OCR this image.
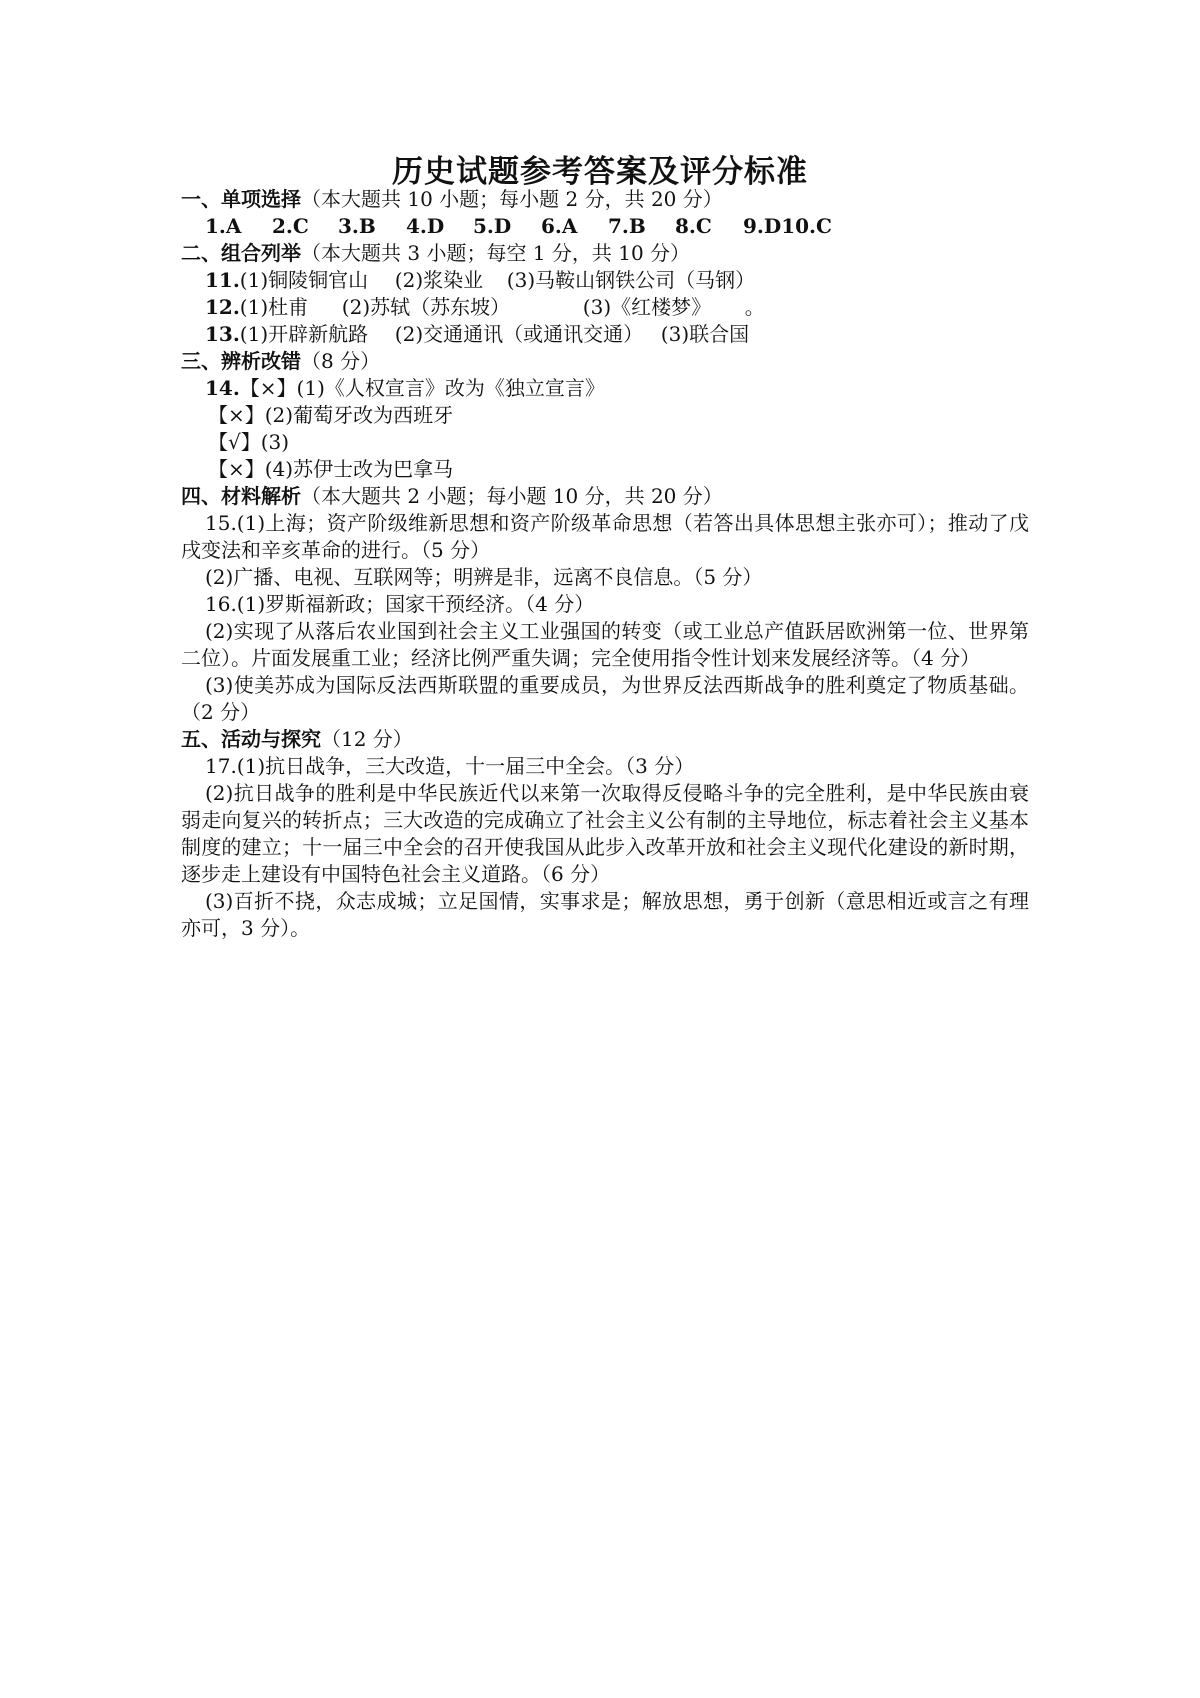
历史试题参考答案及评分标准
一、单项选择（本大题共 10 小题；每小题 2 分，共 20 分）
1.A	2.C	3.B	4.D	5.D	6.A	7.B	8.C	9.D10.C
二、组合列举（本大题共 3 小题；每空 1 分，共 10 分）
11.(1)铜陵铜官山 (2)浆染业 (3)马鞍山钢铁公司（马钢）
12.(1)杜甫 (2)苏轼（苏东坡）	(3)《红楼梦》 。
13.(1)开辟新航路 (2)交通通讯（或通讯交通） (3)联合国
三、辨析改错（8 分）
14.【×】(1)《人权宣言》改为《独立宣言》
【×】(2)葡萄牙改为西班牙
【√】(3)
【×】(4)苏伊士改为巴拿马
四、材料解析（本大题共 2 小题；每小题 10 分，共 20 分）
15.(1)上海；资产阶级维新思想和资产阶级革命思想（若答出具体思想主张亦可）；推动了戊戌变法和辛亥革命的进行。（5 分）
(2)广播、电视、互联网等；明辨是非，远离不良信息。（5 分）
16.(1)罗斯福新政；国家干预经济。（4 分）
(2)实现了从落后农业国到社会主义工业强国的转变（或工业总产值跃居欧洲第一位、世界第二位）。片面发展重工业；经济比例严重失调；完全使用指令性计划来发展经济等。（4 分）
(3)使美苏成为国际反法西斯联盟的重要成员，为世界反法西斯战争的胜利奠定了物质基础。（2 分）
五、活动与探究（12 分）
17.(1)抗日战争，三大改造，十一届三中全会。（3 分）
(2)抗日战争的胜利是中华民族近代以来第一次取得反侵略斗争的完全胜利，是中华民族由衰弱走向复兴的转折点；三大改造的完成确立了社会主义公有制的主导地位，标志着社会主义基本制度的建立；十一届三中全会的召开使我国从此步入改革开放和社会主义现代化建设的新时期，逐步走上建设有中国特色社会主义道路。（6 分）
(3)百折不挠，众志成城；立足国情，实事求是；解放思想，勇于创新（意思相近或言之有理亦可，3 分）。
